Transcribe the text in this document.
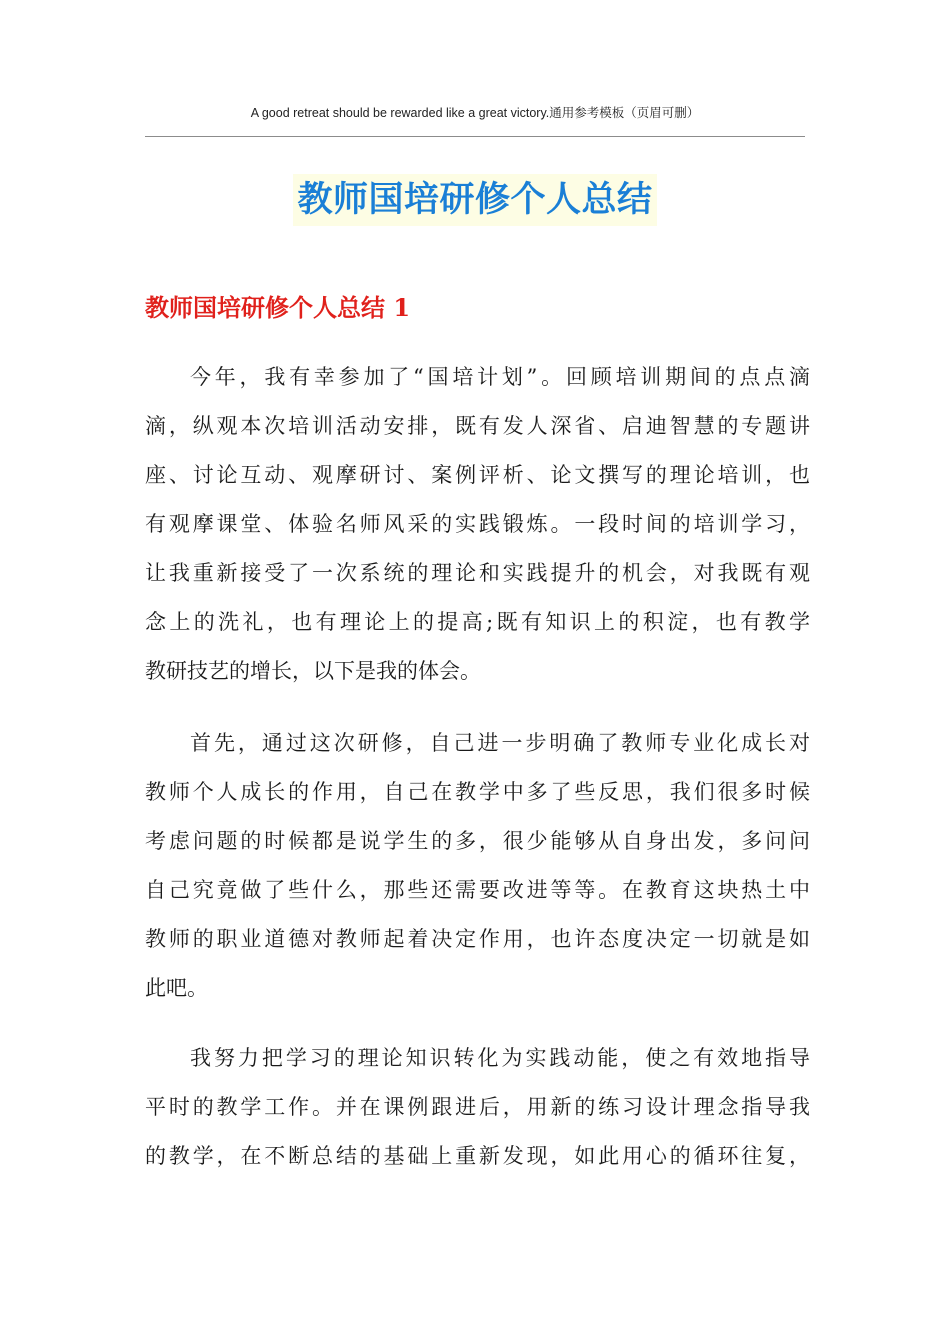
A good retreat should be rewarded like a great victory.通用参考模板（页眉可删）
教师国培研修个人总结
教师国培研修个人总结 1
今年，我有幸参加了“国培计划”。回顾培训期间的点点滴
滴，纵观本次培训活动安排，既有发人深省、启迪智慧的专题讲
座、讨论互动、观摩研讨、案例评析、论文撰写的理论培训，也
有观摩课堂、体验名师风采的实践锻炼。一段时间的培训学习，
让我重新接受了一次系统的理论和实践提升的机会，对我既有观
念上的洗礼，也有理论上的提高;既有知识上的积淀，也有教学
教研技艺的增长，以下是我的体会。
首先，通过这次研修，自己进一步明确了教师专业化成长对
教师个人成长的作用，自己在教学中多了些反思，我们很多时候
考虑问题的时候都是说学生的多，很少能够从自身出发，多问问
自己究竟做了些什么，那些还需要改进等等。在教育这块热土中
教师的职业道德对教师起着决定作用，也许态度决定一切就是如
此吧。
我努力把学习的理论知识转化为实践动能，使之有效地指导
平时的教学工作。并在课例跟进后，用新的练习设计理念指导我
的教学，在不断总结的基础上重新发现，如此用心的循环往复，
